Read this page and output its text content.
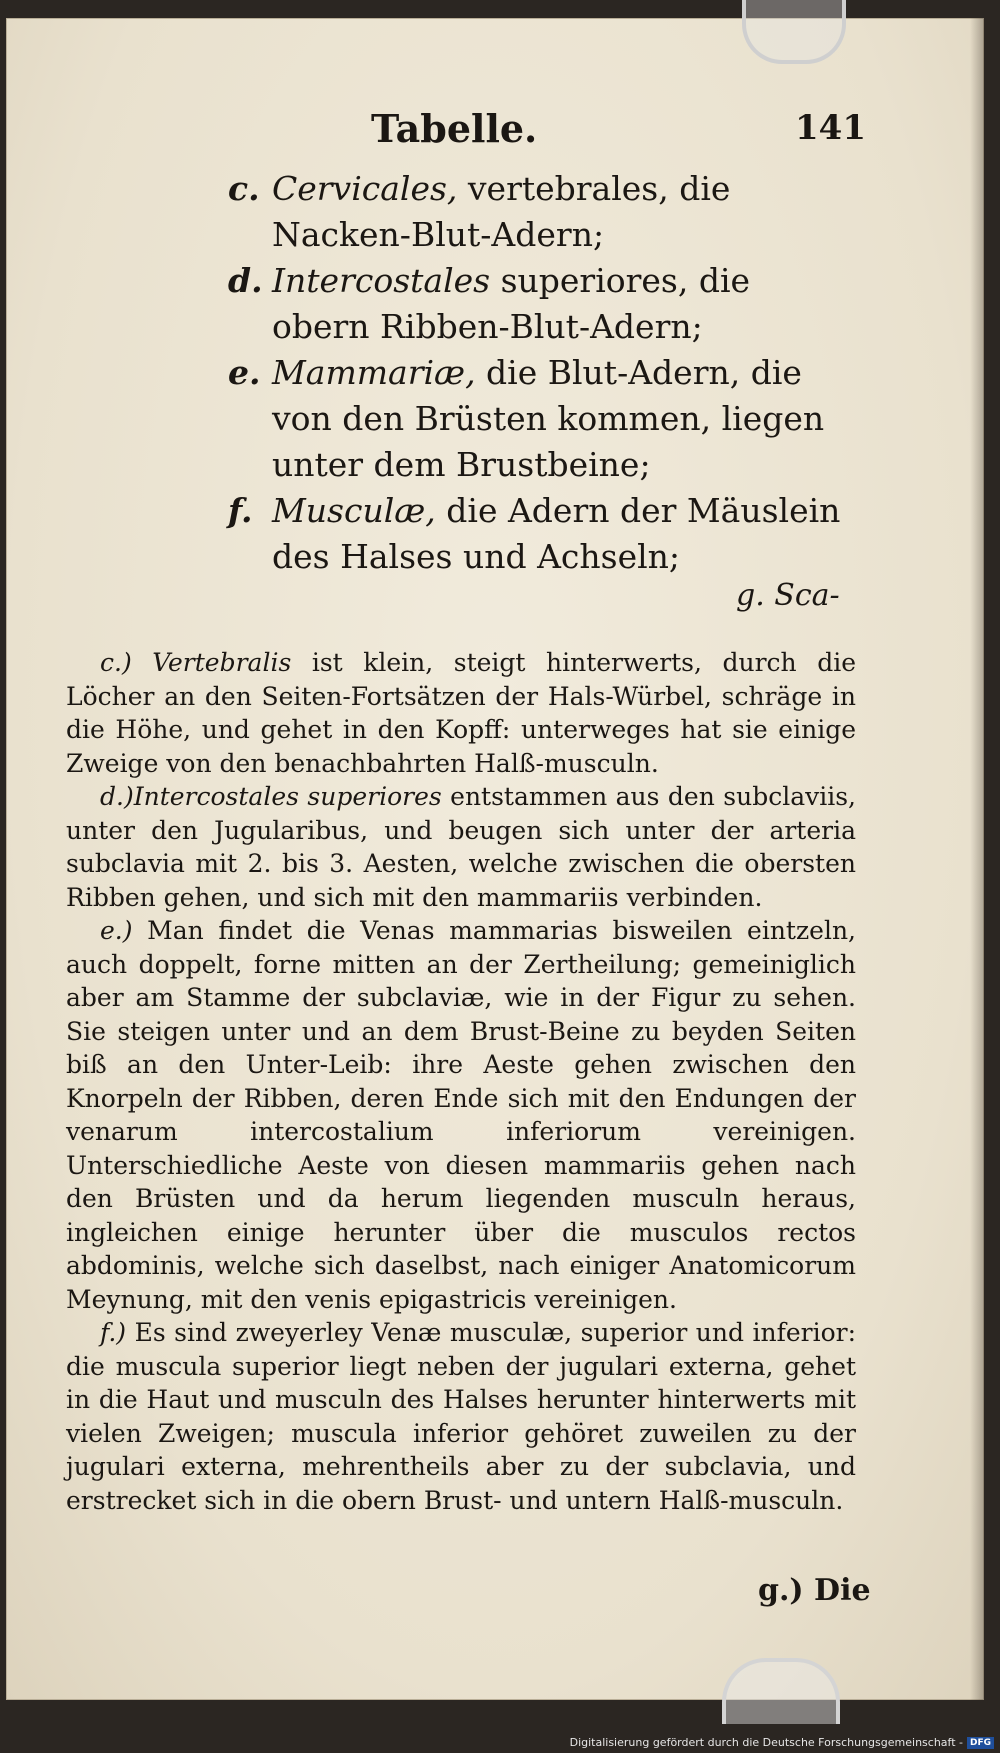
Tabelle.	141
c. Cervicales, vertebrales, die Nacken-Blut-Adern;
d. Intercostales superiores, die obern Ribben-Blut-Adern;
e. Mammariæ, die Blut-Adern, die von den Brüsten kommen, liegen unter dem Brustbeine;
f. Musculæ, die Adern der Mäuslein des Halses und Achseln;
g. Sca-

c.) Vertebralis ist klein, steigt hinterwerts, durch die Löcher an den Seiten-Fortsätzen der Hals-Würbel, schräge in die Höhe, und gehet in den Kopff: unterweges hat sie einige Zweige von den benachbahrten Halß-musculn.

d.)Intercostales superiores entstammen aus den subclaviis, unter den Jugularibus, und beugen sich unter der arteria subclavia mit 2. bis 3. Aesten, welche zwischen die obersten Ribben gehen, und sich mit den mammariis verbinden.

e.) Man findet die Venas mammarias bisweilen eintzeln, auch doppelt, forne mitten an der Zertheilung; gemeiniglich aber am Stamme der subclaviæ, wie in der Figur zu sehen. Sie steigen unter und an dem Brust-Beine zu beyden Seiten biß an den Unter-Leib: ihre Aeste gehen zwischen den Knorpeln der Ribben, deren Ende sich mit den Endungen der venarum intercostalium inferiorum vereinigen. Unterschiedliche Aeste von diesen mammariis gehen nach den Brüsten und da herum liegenden musculn heraus, ingleichen einige herunter über die musculos rectos abdominis, welche sich daselbst, nach einiger Anatomicorum Meynung, mit den venis epigastricis vereinigen.

f.) Es sind zweyerley Venæ musculæ, superior und inferior: die muscula superior liegt neben der jugulari externa, gehet in die Haut und musculn des Halses herunter hinterwerts mit vielen Zweigen; muscula inferior gehöret zuweilen zu der jugulari externa, mehrentheils aber zu der subclavia, und erstrecket sich in die obern Brust- und untern Halß-musculn.

g.) Die
Digitalisierung gefördert durch die Deutsche Forschungsgemeinschaft - DFG
